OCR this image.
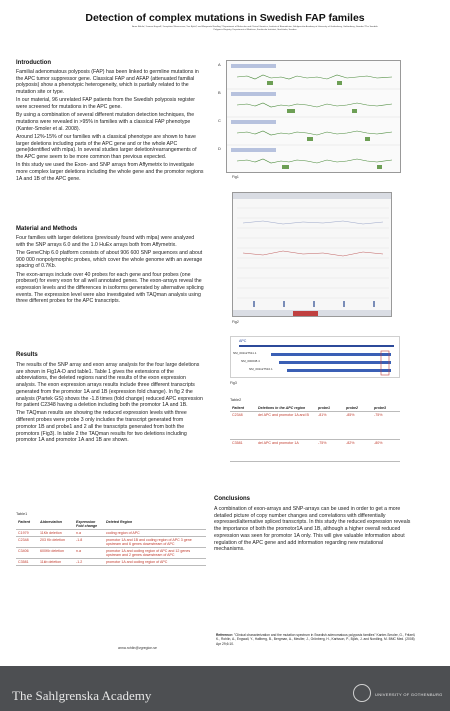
Detection of complex mutations in Swedish FAP familes
Anna Rohlin,¹ Joanna Engvall,¹ Josephine Wernersson,¹ Ian Björk,² and Margareta Nordling¹ ¹Department of Molecular and Clinical Genetics, Institute of Biomedicine, Sahlgrenska Academy at University of Gothenburg, Gothenburg, Sweden ²The Swedish Polyposis Registry, Department of Medicine, Karolinska Institutet, Stockholm, Sweden
Introduction

Familial adenomatous polyposis (FAP) has been linked to germline mutations in the APC tumor suppressor gene. Classical FAP and AFAP (attenuated familial polyposis) show a phenotypic heterogeneity, which is partially related to the mutation site or type.

In our material, 96 unrelated FAP patients from the Swedish polyposis register were screened for mutations in the APC gene.

By using a combination of several different mutation detection techniques, the mutations were revealed in >95% in families with a classical FAP phenotype (Kanter-Smoler et al. 2008).

Around 12%-15% of our families with a classical phenotype are shown to have larger deletions including parts of the APC gene and or the whole APC gene(identified with mlpa). In several studies larger deletion/rearrangements of the APC gene seem to be more common than previous expected.

In this study we used the Exon- and SNP arrays from Affymetrix to investigate more complex larger deletions including the whole gene and the promotor regions 1A and 1B of the APC gene.

Material and Methods

Four families with larger deletions (previously found with mlpa) were analyzed with the SNP arrays 6.0 and the 1.0 HuEx arrays both from Affymetrix.

The GeneChip 6.0 platform consists of about 906 600 SNP sequences and about 900 000 nonpolymorphic probes, which cover the whole genome with an average spacing of 0.7Kb.

The exon-arrays include over 40 probes for each gene and four probes (one probeset) for every exon for all well annotated genes. The exon-arrays reveal the expression levels and the differences in isoforms generated by alternative splicing events. The expression level were also investigated with TAQman analysis using three different probes for the APC transcripts.

Results

The results of the SNP array and exon array analysis for the four large deletions are shown in Fig1A-D and table1. Table 1 gives the extensions of the abbreviations, the deleted regions nand the results of the exon expression analysis. The exon expression arrays results include three different transcripts generated from the promotor 1A and 1B (expression fold change). In fig 2 the analysis (Partek GS) shows the -1.8 times (fold change) reduced APC expression for patient C2348 having a deletion including both the promotor 1A and 1B.

The TAQman results are showing the reduced expression levels with three different probes were probe 3 only includes the transcript generated from promotor 1B and probe1 and 2 all the transcripts generated from both the promotors (Fig3). In table 2 the TAQman results for two deletions including promotor 1A and promotor 1A and 1B are shown.

Table1
Patient	Abbreviation	Expression Fold change	Deleted Region
C1979	11Kb deletion	n.a	coding region of APC
C2348	203 Kb deletion	-1.8	promotor 1A and 1B and coding region of APC 3 gene upstream and 6 genes downstream of APC
C3406	600Kb deletion	n.a	promotor 1A and coding region of APC and 12 genes upstream and 2 genes downstream of APC
C3581	11kb deletion	-1.2	promotor 1A and coding region of APC
A
B
C
D
Fig1
Fig2
APC
NM_001127511.1
NM_000038.4
NM_001127510.1
Fig3
Table2
Patient	Deletions in the APC region	probe1	probe2	probe3
C2348	del APC and promotor 1A and B	-81%	-85%	-75%
C3581	del APC and promotor 1A	-75%	-82%	-80%
Conclusions

A combination of exon-arrays and SNP-arrays can be used in order to get a more detailed picture of copy number changes and correlations with differentially expressed/alternative spliced transcripts. In this study the reduced expression reveals the importance of both the promotor1A and 1B, although a higher overall reduced expression was seen for promotor 1A only. This will give valuable information about regulation of the APC gene and add information regarding new mutational mechanisms.

anna.rohlin@vgregion.se
Reference: "Clinical characterization and the mutation spectrum in Swedish adenomatous polyposis families" Kanter-Smoler, G., Fritzell, K., Rohlin, A., Engwall, Y., Hallberg, B., Bergman, A., Meuller, J., Grönberg, H., Karlsson, P., Björk, J. and Nordling, M. BMC Med. (2008) Apr 29;6:10.
The Sahlgrenska Academy	UNIVERSITY OF GOTHENBURG
